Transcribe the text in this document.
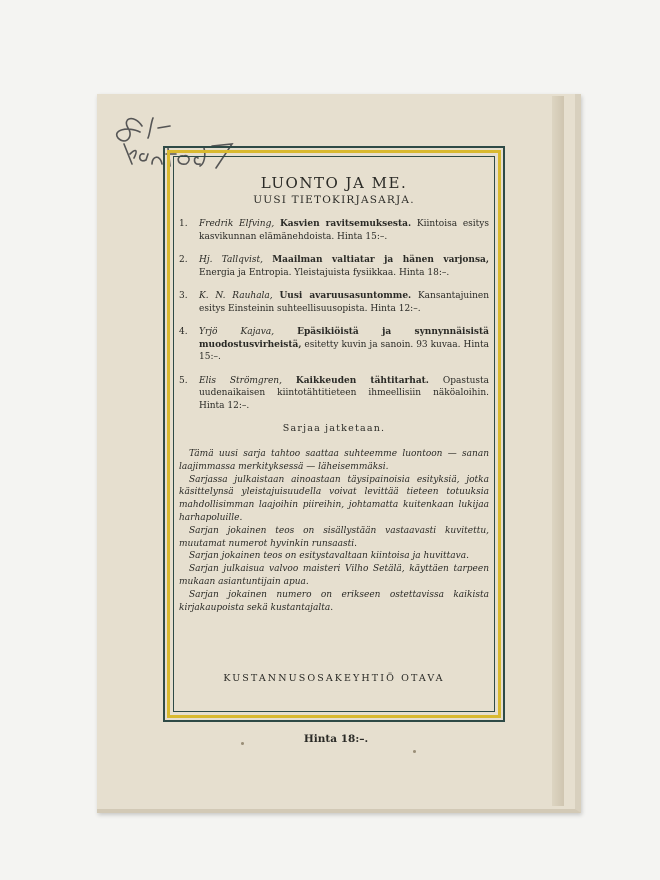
LUONTO JA ME.
UUSI TIETOKIRJASARJA.
1.	Fredrik Elfving, Kasvien ravitsemuksesta. Kiintoisa esitys kasvikunnan elämänehdoista. Hinta 15:–.
2.	Hj. Tallqvist, Maailman valtiatar ja hänen varjonsa, Energia ja Entropia. Yleistajuista fysiikkaa. Hinta 18:–.
3.	K. N. Rauhala, Uusi avaruusasuntomme. Kansantajuinen esitys Einsteinin suhteellisuusopista. Hinta 12:–.
4.	Yrjö Kajava,	Epäsikiöistä ja synnynnäisistä muodostusvirheistä, esitetty kuvin ja sanoin. 93 kuvaa. Hinta 15:–.
5.	Elis Strömgren, Kaikkeuden tähtitarhat. Opastusta uudenaikaisen kiintotähtitieteen ihmeellisiin näköaloihin. Hinta 12:–.
Sarjaa jatketaan.

Tämä uusi sarja tahtoo saattaa suhteemme luontoon — sanan laajimmassa merkityksessä — läheisemmäksi.

Sarjassa julkaistaan ainoastaan täysipainoisia esityksiä, jotka käsittelynsä yleistajuisuudella voivat levittää tieteen totuuksia mahdollisimman laajoihin piireihin, johtamatta kuitenkaan lukijaa harhapoluille.

Sarjan jokainen teos on sisällystään vastaavasti kuvitettu, muutamat numerot hyvinkin runsaasti.

Sarjan jokainen teos on esitystavaltaan kiintoisa ja huvittava.

Sarjan julkaisua valvoo maisteri Vilho Setälä, käyttäen tarpeen mukaan asiantuntijain apua.

Sarjan jokainen numero on erikseen ostettavissa kaikista kirjakaupoista sekä kustantajalta.

KUSTANNUSOSAKEYHTIÖ OTAVA
Hinta 18:–.
